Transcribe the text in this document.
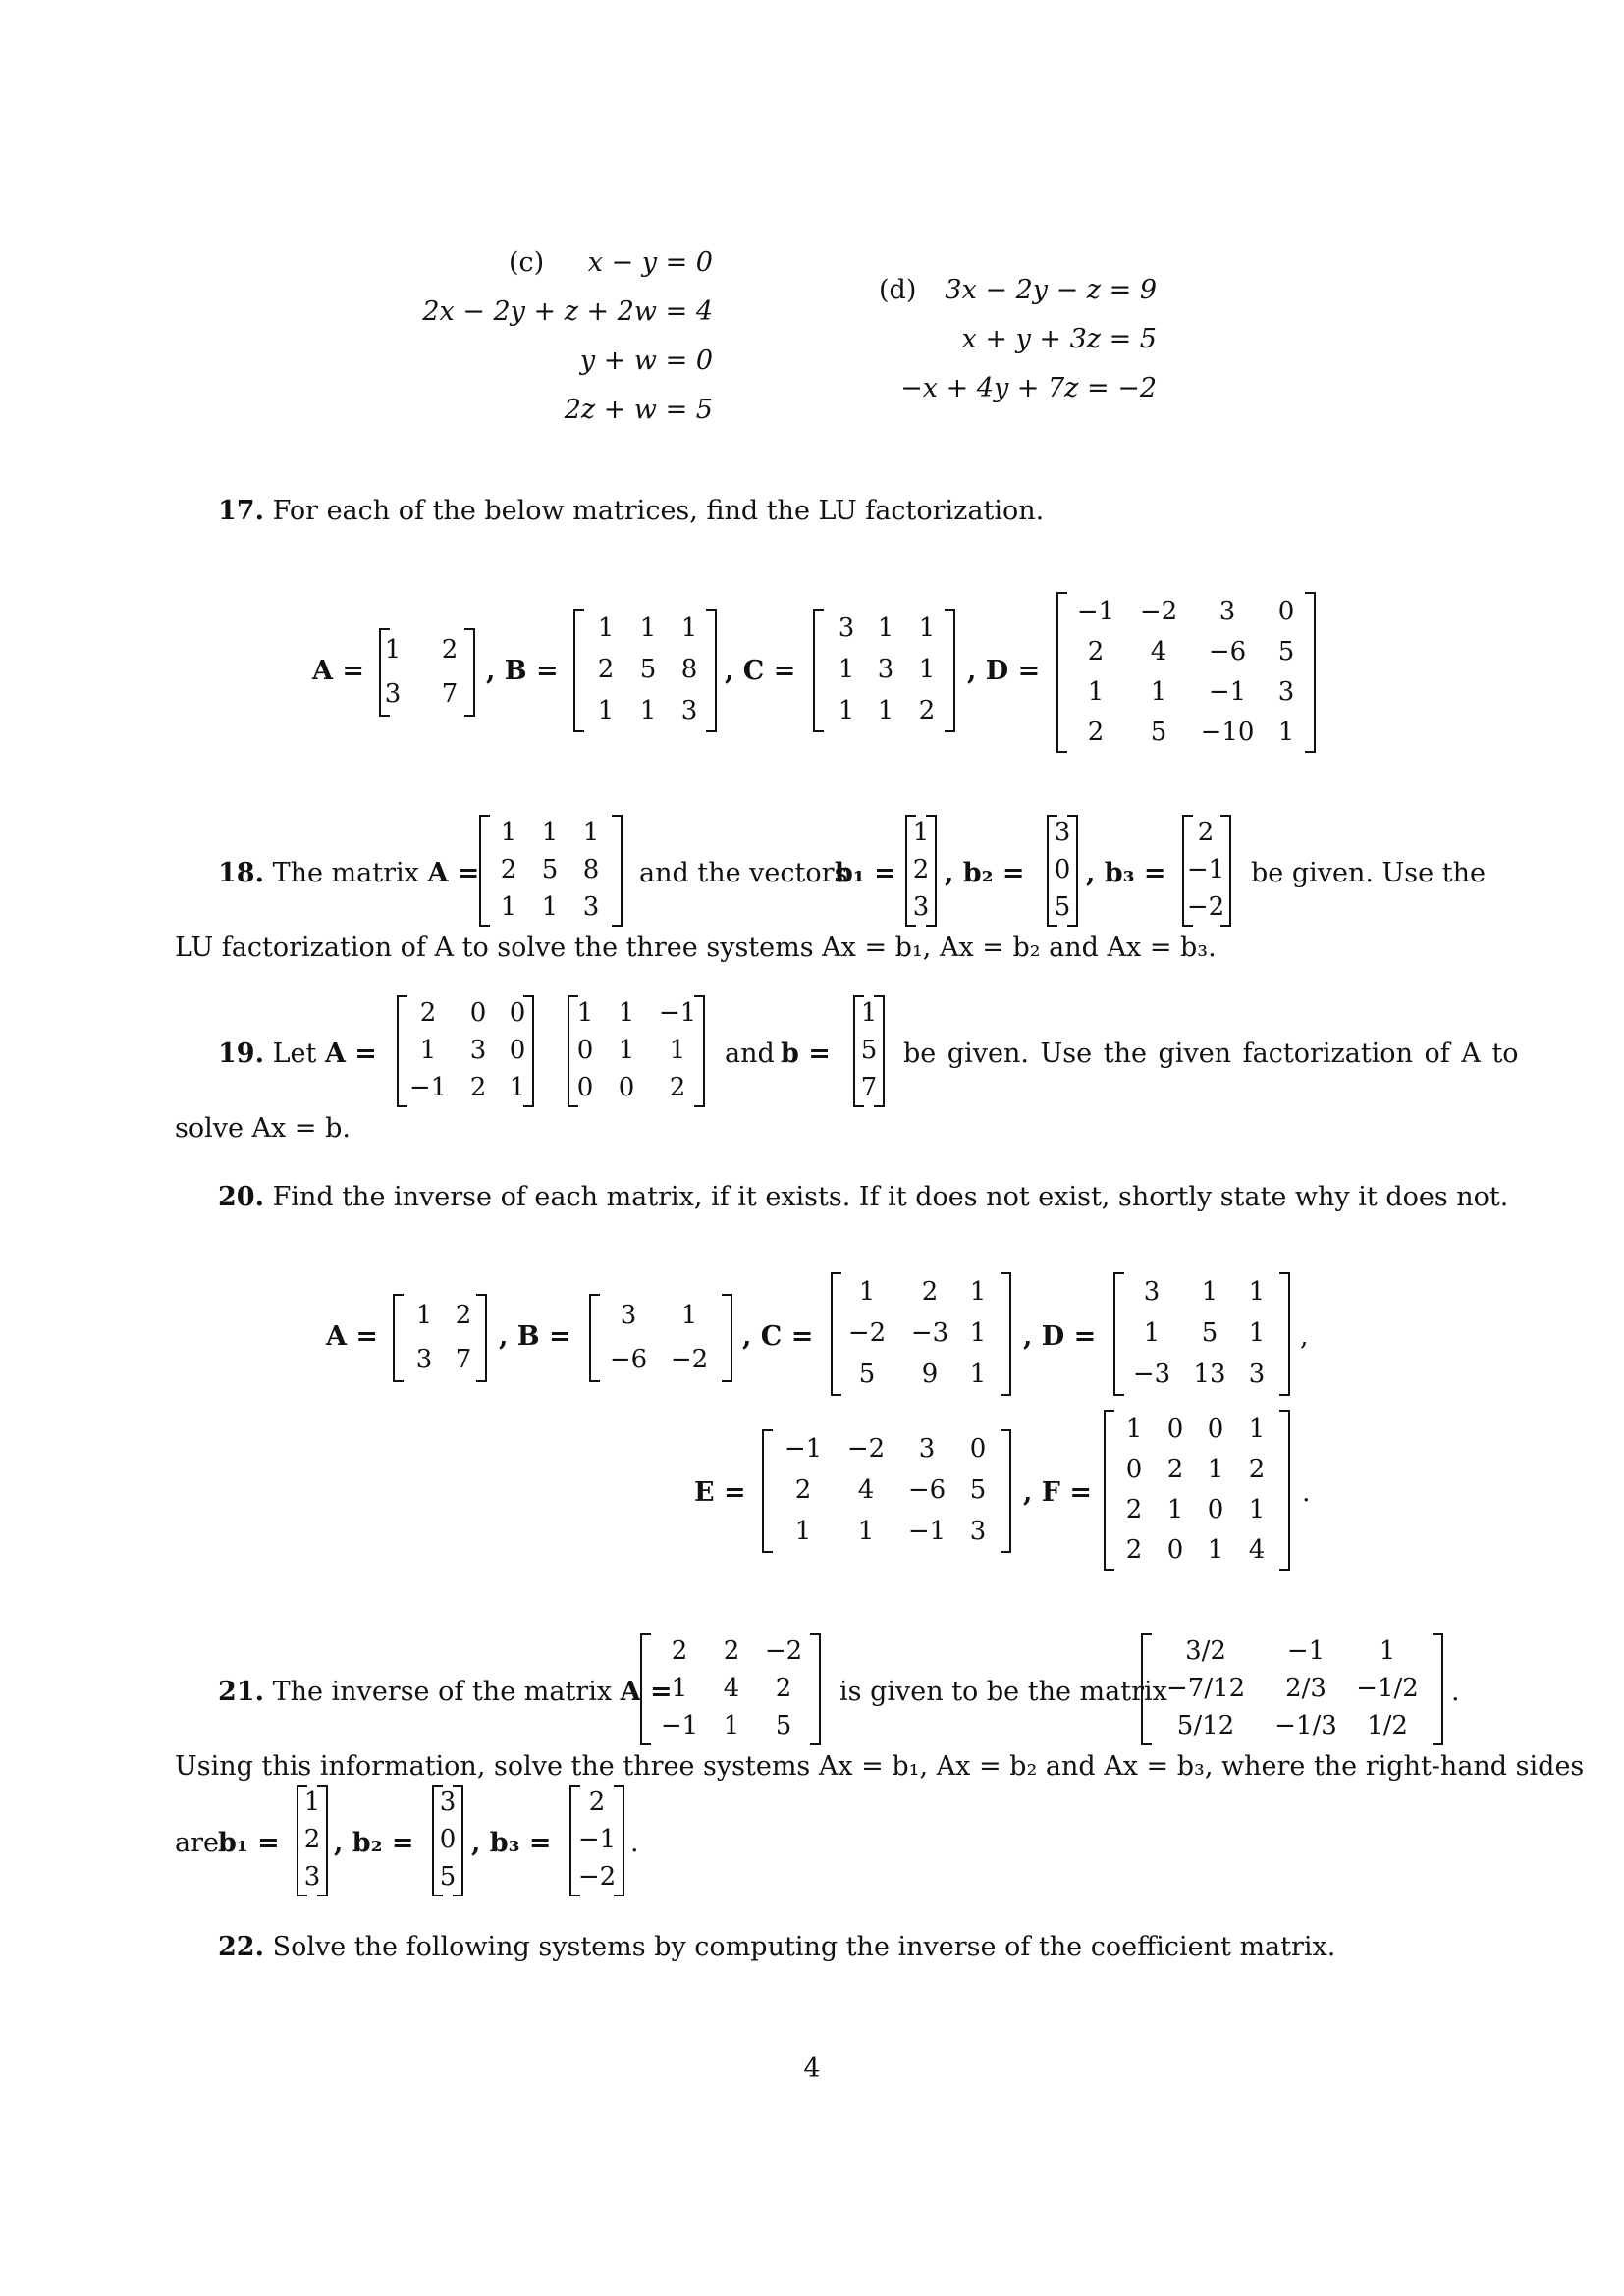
(c) x − y = 0
2x − 2y + z + 2w = 4
y + w = 0
2z + w = 5
(d) 3x − 2y − z = 9
x + y + 3z = 5
−x + 4y + 7z = −2
17. For each of the below matrices, find the LU factorization.
A =
1	2
3	7
, B =
1	1 1
2	5 8
1	1 3
, C =
3 1 1
1 3 1
1 1 2
, D =
−1 −2	3	0
2	4	−6	5
1	1	−1	3
2	5	−10 1
18. The matrix A =
1 1 1
2 5 8
1 1 3
and the vectors
b₁ =
1
2
3
, b₂ =
3
0
5
, b₃ =
2
−1
−2
be given. Use the
LU factorization of A to solve the three systems Ax = b₁, Ax = b₂ and Ax = b₃.
19. Let A =
2	0 0
1	3 0
−1 2 1
1 1 −1
0 1	1
0 0	2
and b =
1
5
7
be given. Use the given factorization of A to
solve Ax = b.
20. Find the inverse of each matrix, if it exists. If it does not exist, shortly state why it does not.
A =
1 2
3 7
, B =
3	1
−6 −2
, C =
1	2	1
−2 −3 1
5	9	1
, D =
3	1	1
1	5	1
−3 13 3
,
E =
−1 −2	3	0
2	4	−6 5
1	1	−1 3
, F =
1 0 0 1
0 2 1 2
2 1 0 1
2 0 1 4
.
21. The inverse of the matrix A =
2	2 −2
1	4	2
−1 1	5
is given to be the matrix
3/2	−1	1
−7/12	2/3	−1/2
5/12	−1/3	1/2
.
Using this information, solve the three systems Ax = b₁, Ax = b₂ and Ax = b₃, where the right-hand sides
are b₁ =
1
2
3
, b₂ =
3
0
5
, b₃ =
2
−1
−2
.
22. Solve the following systems by computing the inverse of the coefficient matrix.
4
